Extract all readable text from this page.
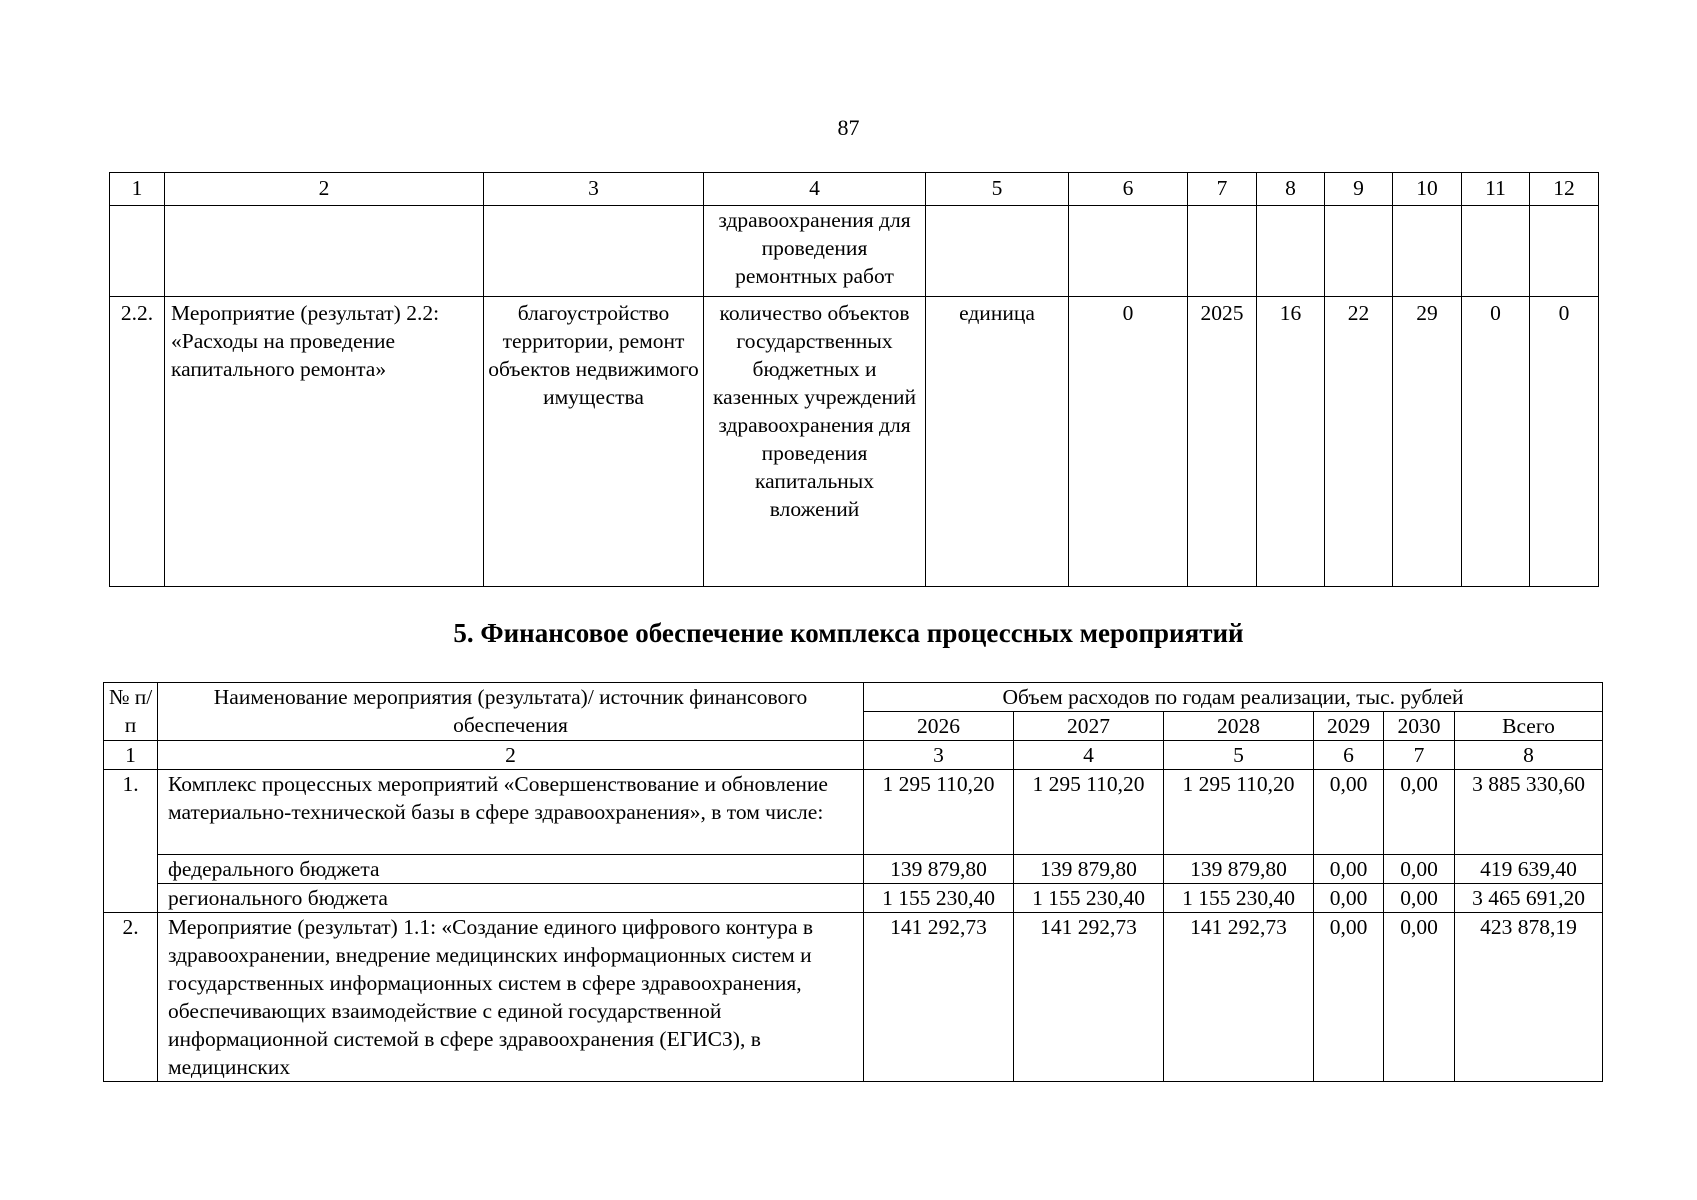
87
1	2	3	4	5	6	7	8	9	10	11	12
			здравоохранения для проведения ремонтных работ								
2.2.	Мероприятие (результат) 2.2: «Расходы на проведение капитального ремонта»	благоустройство территории, ремонт объектов недвижимого имущества	количество объектов государственных бюджетных и казенных учреждений здравоохранения для проведения капитальных вложений	единица	0	2025	16	22	29	0	0
5. Финансовое обеспечение комплекса процессных мероприятий
№ п/п	Наименование мероприятия (результата)/ источник финансового обеспечения	Объем расходов по годам реализации, тыс. рублей					
		2026	2027	2028	2029	2030	Всего
1	2	3	4	5	6	7	8
1.	Комплекс процессных мероприятий «Совершенствование и обновление материально-технической базы в сфере здравоохранения», в том числе:	1 295 110,20	1 295 110,20	1 295 110,20	0,00	0,00	3 885 330,60
	федерального бюджета	139 879,80	139 879,80	139 879,80	0,00	0,00	419 639,40
	регионального бюджета	1 155 230,40	1 155 230,40	1 155 230,40	0,00	0,00	3 465 691,20
2.	Мероприятие (результат) 1.1: «Создание единого цифрового контура в здравоохранении, внедрение медицинских информационных систем и государственных информационных систем в сфере здравоохранения, обеспечивающих взаимодействие с единой государственной информационной системой в сфере здравоохранения (ЕГИСЗ), в медицинских	141 292,73	141 292,73	141 292,73	0,00	0,00	423 878,19
